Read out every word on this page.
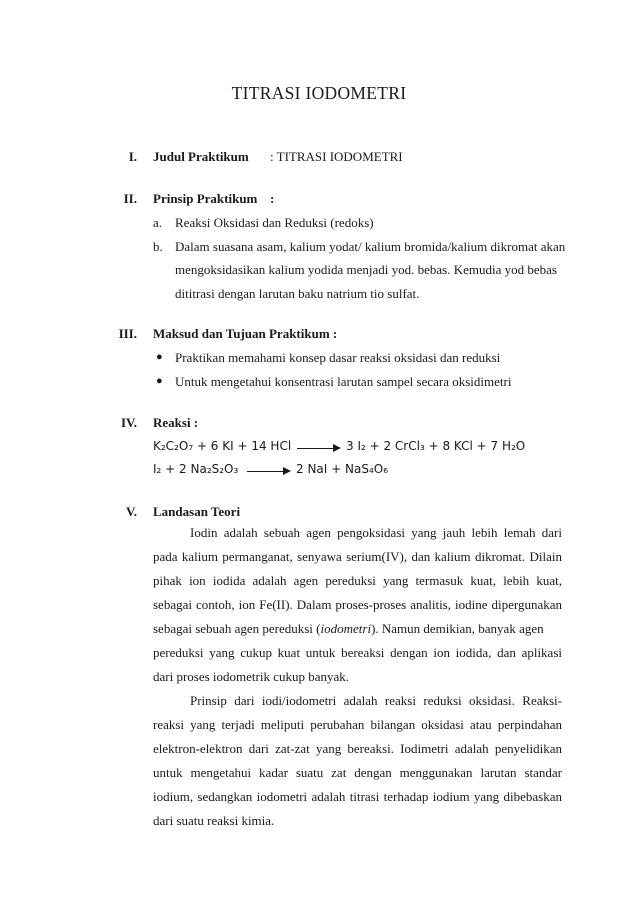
TITRASI IODOMETRI
I. Judul Praktikum : TITRASI IODOMETRI
II. Prinsip Praktikum :
a. Reaksi Oksidasi dan Reduksi (redoks)
b. Dalam suasana asam, kalium yodat/ kalium bromida/kalium dikromat akan
mengoksidasikan kalium yodida menjadi yod. bebas. Kemudia yod bebas
dititrasi dengan larutan baku natrium tio sulfat.
III. Maksud dan Tujuan Praktikum :
● Praktikan memahami konsep dasar reaksi oksidasi dan reduksi
● Untuk mengetahui konsentrasi larutan sampel secara oksidimetri
IV. Reaksi :
K₂C₂O₇ + 6 KI + 14 HCl	3 I₂ + 2 CrCl₃ + 8 KCl + 7 H₂O
I₂ + 2 Na₂S₂O₃	2 NaI + NaS₄O₆
V. Landasan Teori
Iodin adalah sebuah agen pengoksidasi yang jauh lebih lemah dari
pada kalium permanganat, senyawa serium(IV), dan kalium dikromat. Dilain
pihak ion iodida adalah agen pereduksi yang termasuk kuat, lebih kuat,
sebagai contoh, ion Fe(II). Dalam proses-proses analitis, iodine dipergunakan
sebagai sebuah agen pereduksi (iodometri). Namun demikian, banyak agen
pereduksi yang cukup kuat untuk bereaksi dengan ion iodida, dan aplikasi
dari proses iodometrik cukup banyak.
Prinsip dari iodi/iodometri adalah reaksi reduksi oksidasi. Reaksi-
reaksi yang terjadi meliputi perubahan bilangan oksidasi atau perpindahan
elektron-elektron dari zat-zat yang bereaksi. Iodimetri adalah penyelidikan
untuk mengetahui kadar suatu zat dengan menggunakan larutan standar
iodium, sedangkan iodometri adalah titrasi terhadap iodium yang dibebaskan
dari suatu reaksi kimia.
